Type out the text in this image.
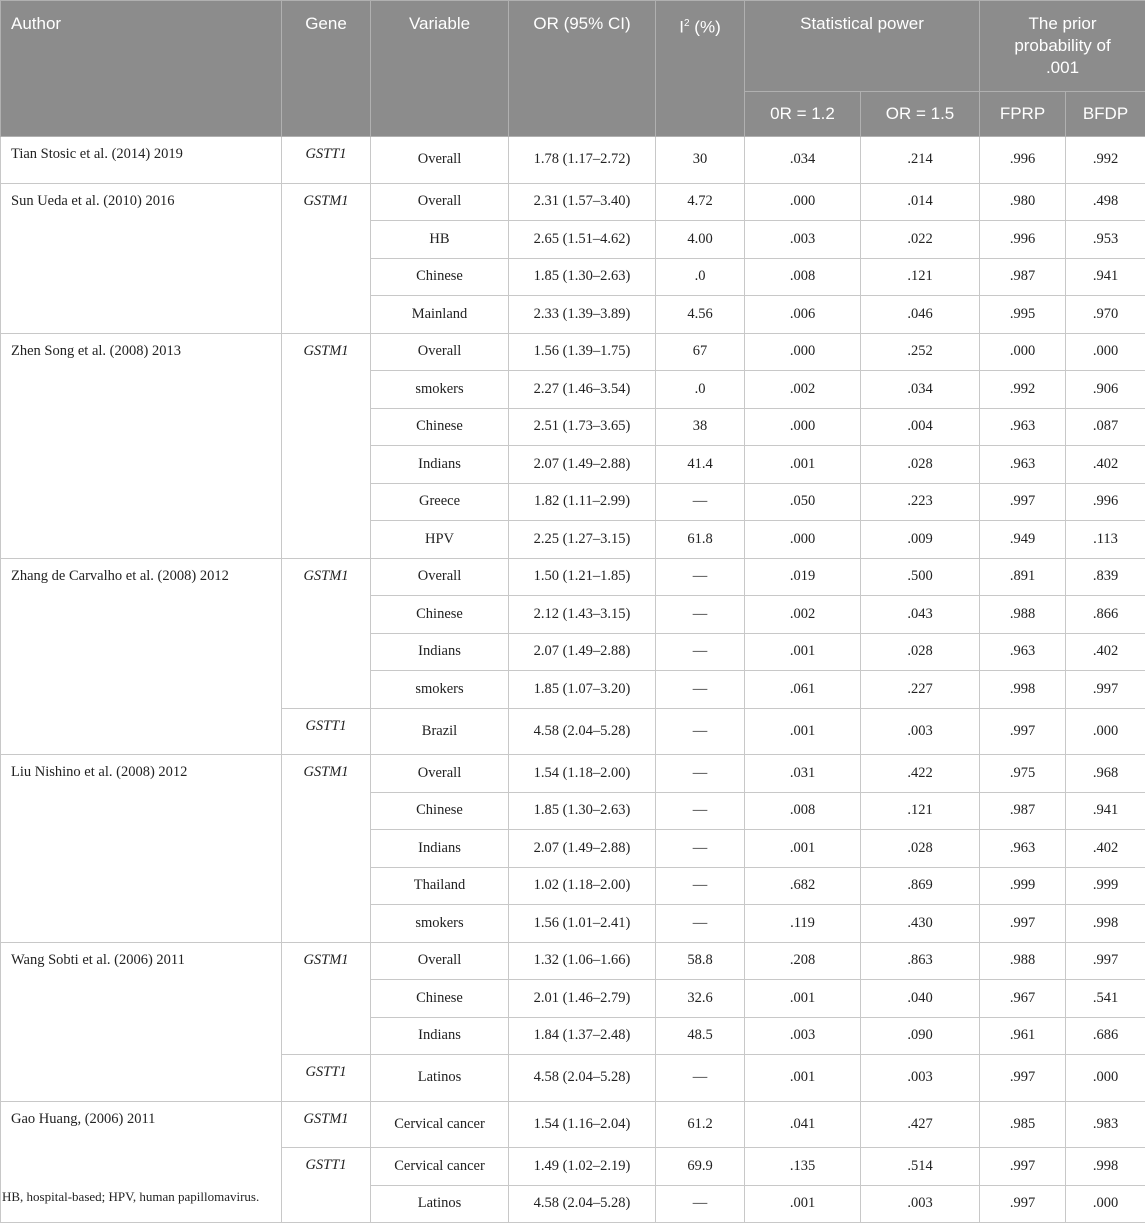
Author	Gene	Variable	OR (95% CI)	$I^2$ (%)	Statistical power		The prior probability of .001	

					0R = 1.2	OR = 1.5	FPRP	BFDP

Tian Stosic et al. (2014) 2019	GSTT1	Overall	1.78 (1.17–2.72)	30	.034	.214	.996	.992
Sun Ueda et al. (2010) 2016	GSTM1	Overall	2.31 (1.57–3.40)	4.72	.000	.014	.980	.498
		HB	2.65 (1.51–4.62)	4.00	.003	.022	.996	.953
		Chinese	1.85 (1.30–2.63)	.0	.008	.121	.987	.941
		Mainland	2.33 (1.39–3.89)	4.56	.006	.046	.995	.970
Zhen Song et al. (2008) 2013	GSTM1	Overall	1.56 (1.39–1.75)	67	.000	.252	.000	.000
		smokers	2.27 (1.46–3.54)	.0	.002	.034	.992	.906
		Chinese	2.51 (1.73–3.65)	38	.000	.004	.963	.087
		Indians	2.07 (1.49–2.88)	41.4	.001	.028	.963	.402
		Greece	1.82 (1.11–2.99)	—	.050	.223	.997	.996
		HPV	2.25 (1.27–3.15)	61.8	.000	.009	.949	.113
Zhang de Carvalho et al. (2008) 2012	GSTM1	Overall	1.50 (1.21–1.85)	—	.019	.500	.891	.839
		Chinese	2.12 (1.43–3.15)	—	.002	.043	.988	.866
		Indians	2.07 (1.49–2.88)	—	.001	.028	.963	.402
		smokers	1.85 (1.07–3.20)	—	.061	.227	.998	.997
	GSTT1	Brazil	4.58 (2.04–5.28)	—	.001	.003	.997	.000
Liu Nishino et al. (2008) 2012	GSTM1	Overall	1.54 (1.18–2.00)	—	.031	.422	.975	.968
		Chinese	1.85 (1.30–2.63)	—	.008	.121	.987	.941
		Indians	2.07 (1.49–2.88)	—	.001	.028	.963	.402
		Thailand	1.02 (1.18–2.00)	—	.682	.869	.999	.999
		smokers	1.56 (1.01–2.41)	—	.119	.430	.997	.998
Wang Sobti et al. (2006) 2011	GSTM1	Overall	1.32 (1.06–1.66)	58.8	.208	.863	.988	.997
		Chinese	2.01 (1.46–2.79)	32.6	.001	.040	.967	.541
		Indians	1.84 (1.37–2.48)	48.5	.003	.090	.961	.686
	GSTT1	Latinos	4.58 (2.04–5.28)	—	.001	.003	.997	.000
Gao Huang, (2006) 2011	GSTM1	Cervical cancer	1.54 (1.16–2.04)	61.2	.041	.427	.985	.983
	GSTT1	Cervical cancer	1.49 (1.02–2.19)	69.9	.135	.514	.997	.998
		Latinos	4.58 (2.04–5.28)	—	.001	.003	.997	.000
HB, hospital-based; HPV, human papillomavirus.
